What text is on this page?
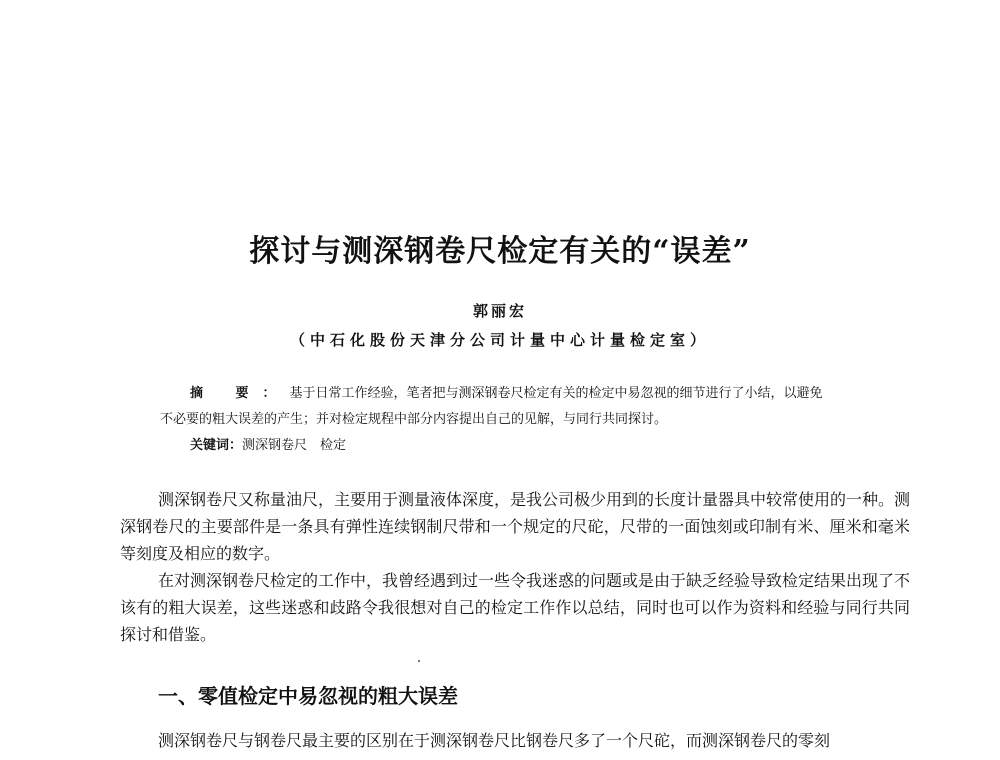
探讨与测深钢卷尺检定有关的“误差”
郭丽宏
（中石化股份天津分公司计量中心计量检定室）
摘 要：基于日常工作经验，笔者把与测深钢卷尺检定有关的检定中易忽视的细节进行了小结，以避免
不必要的粗大误差的产生；并对检定规程中部分内容提出自己的见解，与同行共同探讨。
关键词：测深钢卷尺　检定

测深钢卷尺又称量油尺，主要用于测量液体深度，是我公司极少用到的长度计量器具中较常使用的一种。测深钢卷尺的主要部件是一条具有弹性连续钢制尺带和一个规定的尺砣，尺带的一面蚀刻或印制有米、厘米和毫米等刻度及相应的数字。

在对测深钢卷尺检定的工作中，我曾经遇到过一些令我迷惑的问题或是由于缺乏经验导致检定结果出现了不该有的粗大误差，这些迷惑和歧路令我很想对自己的检定工作作以总结，同时也可以作为资料和经验与同行共同探讨和借鉴。

一、零值检定中易忽视的粗大误差
测深钢卷尺与钢卷尺最主要的区别在于测深钢卷尺比钢卷尺多了一个尺砣，而测深钢卷尺的零刻
